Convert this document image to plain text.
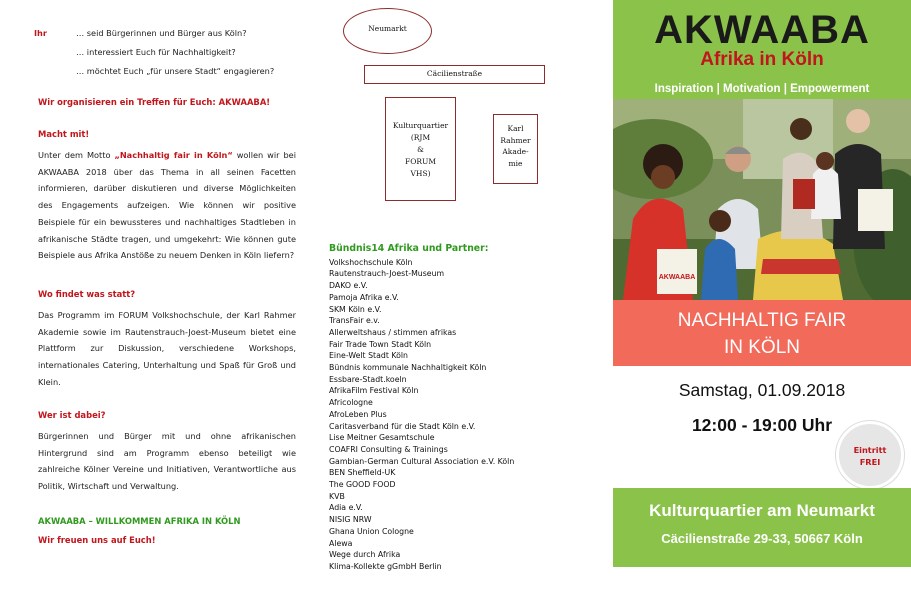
Ihr	… seid Bürgerinnen und Bürger aus Köln?
… interessiert Euch für Nachhaltigkeit?
… möchtet Euch „für unsere Stadt“ engagieren?
Wir organisieren ein Treffen für Euch: AKWAABA!
Macht mit!
Unter dem Motto „Nachhaltig fair in Köln“ wollen wir bei AKWAABA 2018 über das Thema in all seinen Facetten informieren, darüber diskutieren und diverse Möglichkeiten des Engagements aufzeigen. Wie können wir positive Beispiele für ein bewussteres und nachhaltiges Stadtleben in afrikanische Städte tragen, und umgekehrt: Wie können gute Beispiele aus Afrika Anstöße zu neuem Denken in Köln liefern?
Wo findet was statt?
Das Programm im FORUM Volkshochschule, der Karl Rahmer Akademie sowie im Rautenstrauch-Joest-Museum bietet eine Plattform zur Diskussion, verschiedene Workshops, internationales Catering, Unterhaltung und Spaß für Groß und Klein.
Wer ist dabei?
Bürgerinnen und Bürger mit und ohne afrikanischen Hintergrund sind am Programm ebenso beteiligt wie zahlreiche Kölner Vereine und Initiativen, Verantwortliche aus Politik, Wirtschaft und Verwaltung.
AKWAABA – WILLKOMMEN AFRIKA IN KÖLN
Wir freuen uns auf Euch!
Neumarkt
Cäcilienstraße
Kulturquartier
(RJM
&
FORUM
VHS)
Karl
Rahmer
Akade-
mie
Bündnis14 Afrika und Partner:
Volkshochschule Köln
Rautenstrauch-Joest-Museum
DAKO e.V.
Pamoja Afrika e.V.
SKM Köln e.V.
TransFair e.v.
Allerweltshaus / stimmen afrikas
Fair Trade Town Stadt Köln
Eine-Welt Stadt Köln
Bündnis kommunale Nachhaltigkeit Köln
Essbare-Stadt.koeln
AfrikaFilm Festival Köln
Africologne
AfroLeben Plus
Caritasverband für die Stadt Köln e.V.
Lise Meitner Gesamtschule
COAFRI Consulting & Trainings
Gambian-German Cultural Association e.V. Köln
BEN Sheffield-UK
The GOOD FOOD
KVB
Adia e.V.
NISIG NRW
Ghana Union Cologne
Alewa
Wege durch Afrika
Klima-Kollekte gGmbH Berlin
AKWAABA
Afrika in Köln
Inspiration | Motivation | Empowerment
AKWAABA
NACHHALTIG FAIR
IN KÖLN
Samstag, 01.09.2018
12:00 - 19:00 Uhr
Eintritt
FREI
Kulturquartier am Neumarkt
Cäcilienstraße 29-33, 50667 Köln
